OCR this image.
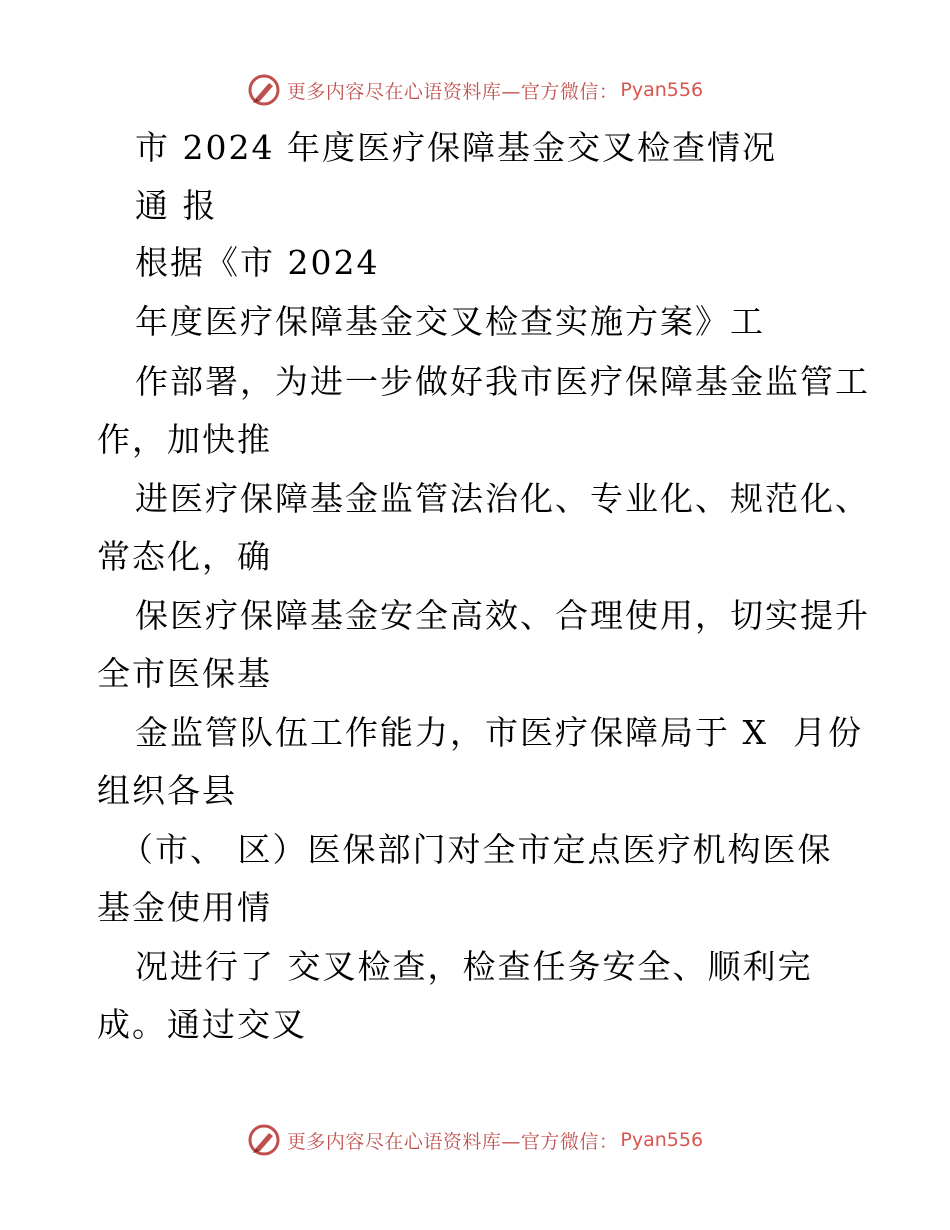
更多内容尽在心语资料库—官方微信： Pyan556
市 2024 年度医疗保障基金交叉检查情况
通 报
根据《市 2024
年度医疗保障基金交叉检查实施方案》工
作部署，为进一步做好我市医疗保障基金监管工
作，加快推
进医疗保障基金监管法治化、专业化、规范化、
常态化，确
保医疗保障基金安全高效、合理使用，切实提升
全市医保基
金监管队伍工作能力，市医疗保障局于 X  月份
组织各县
（市、 区）医保部门对全市定点医疗机构医保
基金使用情
况进行了 交叉检查，检查任务安全、顺利完
成。通过交叉
更多内容尽在心语资料库—官方微信： Pyan556
